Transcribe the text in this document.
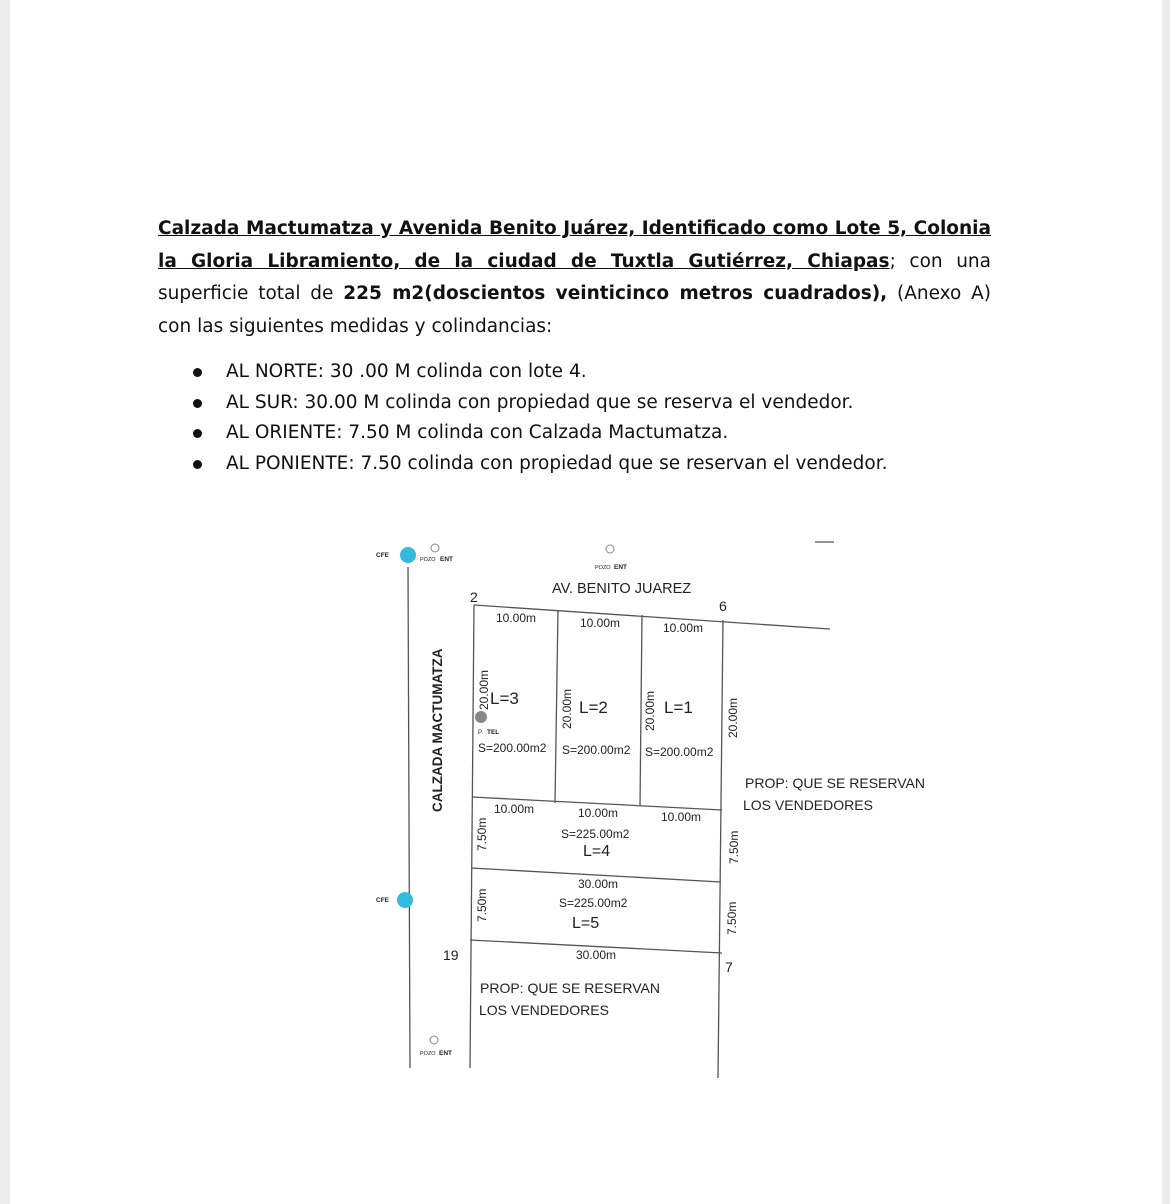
Calzada Mactumatza y Avenida Benito Juárez, Identificado como Lote 5, Colonia la Gloria Libramiento, de la ciudad de Tuxtla Gutiérrez, Chiapas; con una superficie total de 225 m2(doscientos veinticinco metros cuadrados), (Anexo A) con las siguientes medidas y colindancias:
AL NORTE: 30 .00 M colinda con lote 4.
AL SUR: 30.00 M colinda con propiedad que se reserva el vendedor.
AL ORIENTE: 7.50 M colinda con Calzada Mactumatza.
AL PONIENTE: 7.50 colinda con propiedad que se reservan el vendedor.
CFE
CFE
POZO ENT
POZO ENT
POZO ENT
AV. BENITO JUAREZ
CALZADA MACTUMATZA
2
6
19
7
10.00m	10.00m	10.00m
20.00m	20.00m	20.00m	20.00m
7.50m	7.50m
7.50m	7.50m
L=3	L=2	L=1
P. TEL
S=200.00m2 S=200.00m2 S=200.00m2
PROP: QUE SE RESERVAN
LOS VENDEDORES
10.00m	10.00m	10.00m
S=225.00m2
L=4
30.00m
S=225.00m2
L=5
30.00m
PROP: QUE SE RESERVAN
LOS VENDEDORES
